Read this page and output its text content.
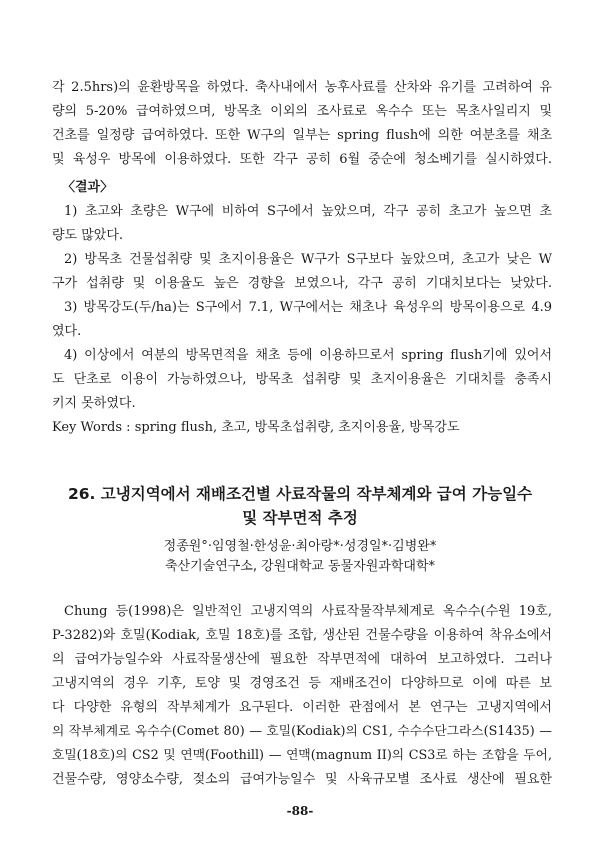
각 2.5hrs)의 윤환방목을 하였다. 축사내에서 농후사료를 산차와 유기를 고려하여 유
량의 5-20% 급여하였으며, 방목초 이외의 조사료로 옥수수 또는 목초사일리지 및
건초를 일정량 급여하였다. 또한 W구의 일부는 spring flush에 의한 여분초를 채초
및 육성우 방목에 이용하였다. 또한 각구 공히 6월 중순에 청소베기를 실시하였다.
〈결과〉
1) 초고와 초량은 W구에 비하여 S구에서 높았으며, 각구 공히 초고가 높으면 초
량도 많았다.
2) 방목초 건물섭취량 및 초지이용율은 W구가 S구보다 높았으며, 초고가 낮은 W
구가 섭취량 및 이용율도 높은 경향을 보였으나, 각구 공히 기대치보다는 낮았다.
3) 방목강도(두/ha)는 S구에서 7.1, W구에서는 채초나 육성우의 방목이용으로 4.9
였다.
4) 이상에서 여분의 방목면적을 채초 등에 이용하므로서 spring flush기에 있어서
도 단초로 이용이 가능하였으나, 방목초 섭취량 및 초지이용율은 기대치를 충족시
키지 못하였다.
Key Words : spring flush, 초고, 방목초섭취량, 초지이용율, 방목강도
26. 고냉지역에서 재배조건별 사료작물의 작부체계와 급여 가능일수
및 작부면적 추정
정종원°·임영철·한성윤·최아랑*·성경일*·김병완*
축산기술연구소, 강원대학교 동물자원과학대학*
Chung 등(1998)은 일반적인 고냉지역의 사료작물작부체계로 옥수수(수원 19호,
P-3282)와 호밀(Kodiak, 호밀 18호)를 조합, 생산된 건물수량을 이용하여 착유소에서
의 급여가능일수와 사료작물생산에 필요한 작부면적에 대하여 보고하였다. 그러나
고냉지역의 경우 기후, 토양 및 경영조건 등 재배조건이 다양하므로 이에 따른 보
다 다양한 유형의 작부체계가 요구된다. 이러한 관점에서 본 연구는 고냉지역에서
의 작부체계로 옥수수(Comet 80) — 호밀(Kodiak)의 CS1, 수수수단그라스(S1435) —
호밀(18호)의 CS2 및 연맥(Foothill) — 연맥(magnum II)의 CS3로 하는 조합을 두어,
건물수량, 영양소수량, 젖소의 급여가능일수 및 사육규모별 조사료 생산에 필요한
-88-
